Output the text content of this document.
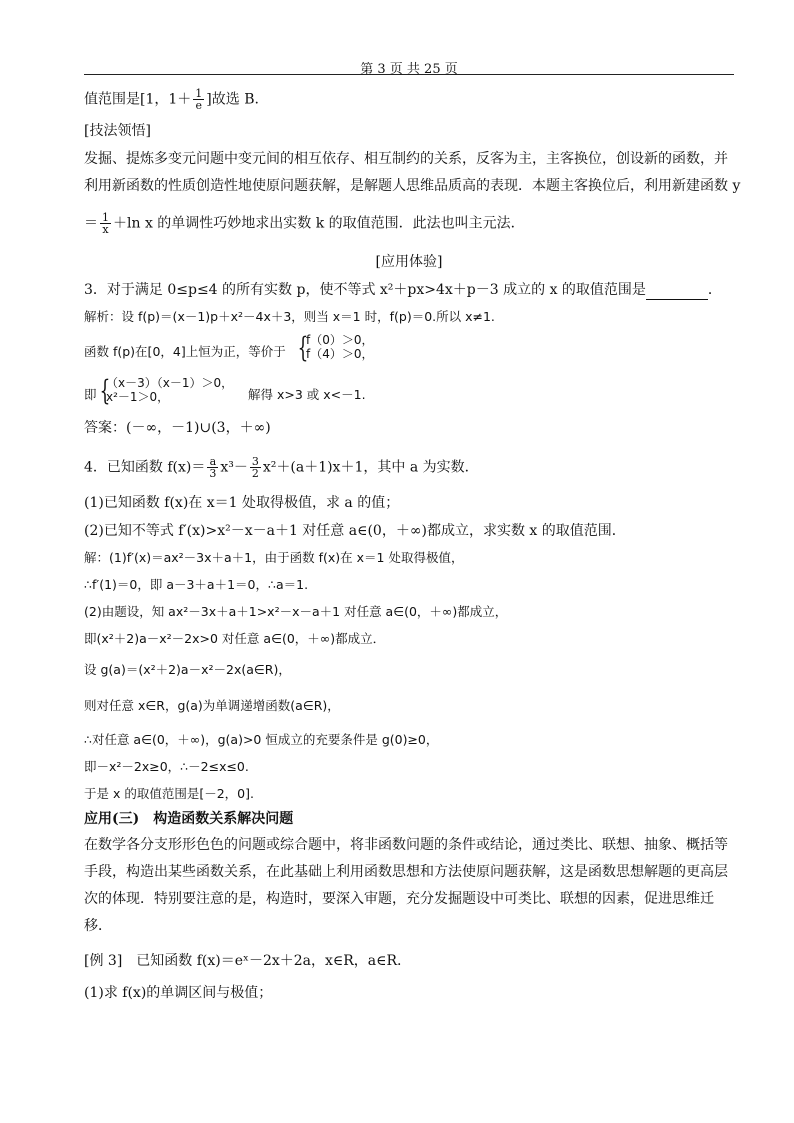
第 3 页 共 25 页
值范围是[1，$1+ \frac{1}{e}$ ]故选 B.
[技法领悟]
发掘、提炼多变元问题中变元间的相互依存、相互制约的关系，反客为主，主客换位，创设新的函数，并
利用新函数的性质创造性地使原问题获解，是解题人思维品质高的表现．本题主客换位后，利用新建函数 y
＝ $\frac{1}{x} +\ln$ x 的单调性巧妙地求出实数 k 的取值范围．此法也叫主元法．
[应用体验]
3．对于满足 0≤p≤4 的所有实数 p，使不等式 x²＋px>4x＋p－3 成立的 x 的取值范围是	．
解析：设 f(p)＝(x－1)p＋x²－4x＋3，则当 x＝1 时，f(p)＝0.所以 x≠1.
函数 f(p)在[0，4]上恒为正，等价于 {
f（0）＞0，
f（4）＞0，
即 {
（x－3）（x－1）＞0，
x²－1＞0，	解得 x>3 或 x<－1.
答案：(－∞，－1)∪(3，＋∞)
4．已知函数 $f(x)= \frac{a}{3} x^3- \frac{3}{2} x^2+(a+1)x+1$，其中 a 为实数．
(1)已知函数 f(x)在 x＝1 处取得极值，求 a 的值；
(2)已知不等式 f′(x)>x²－x－a＋1 对任意 a∈(0，＋∞)都成立，求实数 x 的取值范围．
解：(1)f′(x)＝ax²－3x＋a＋1，由于函数 f(x)在 x＝1 处取得极值，
∴f′(1)＝0，即 a－3＋a＋1＝0，∴a＝1.
(2)由题设，知 ax²－3x＋a＋1>x²－x－a＋1 对任意 a∈(0，＋∞)都成立，
即(x²＋2)a－x²－2x>0 对任意 a∈(0，＋∞)都成立．
设 g(a)＝(x²＋2)a－x²－2x(a∈R)，
则对任意 x∈R，g(a)为单调递增函数(a∈R)，
∴对任意 a∈(0，＋∞)，g(a)>0 恒成立的充要条件是 g(0)≥0，
即－x²－2x≥0，∴－2≤x≤0.
于是 x 的取值范围是[－2，0].
应用(三)　构造函数关系解决问题
在数学各分支形形色色的问题或综合题中，将非函数问题的条件或结论，通过类比、联想、抽象、概括等
手段，构造出某些函数关系，在此基础上利用函数思想和方法使原问题获解，这是函数思想解题的更高层
次的体现．特别要注意的是，构造时，要深入审题，充分发掘题设中可类比、联想的因素，促进思维迁
移．
[例 3]　已知函数 f(x)＝eˣ－2x＋2a，x∈R，a∈R.
(1)求 f(x)的单调区间与极值；
